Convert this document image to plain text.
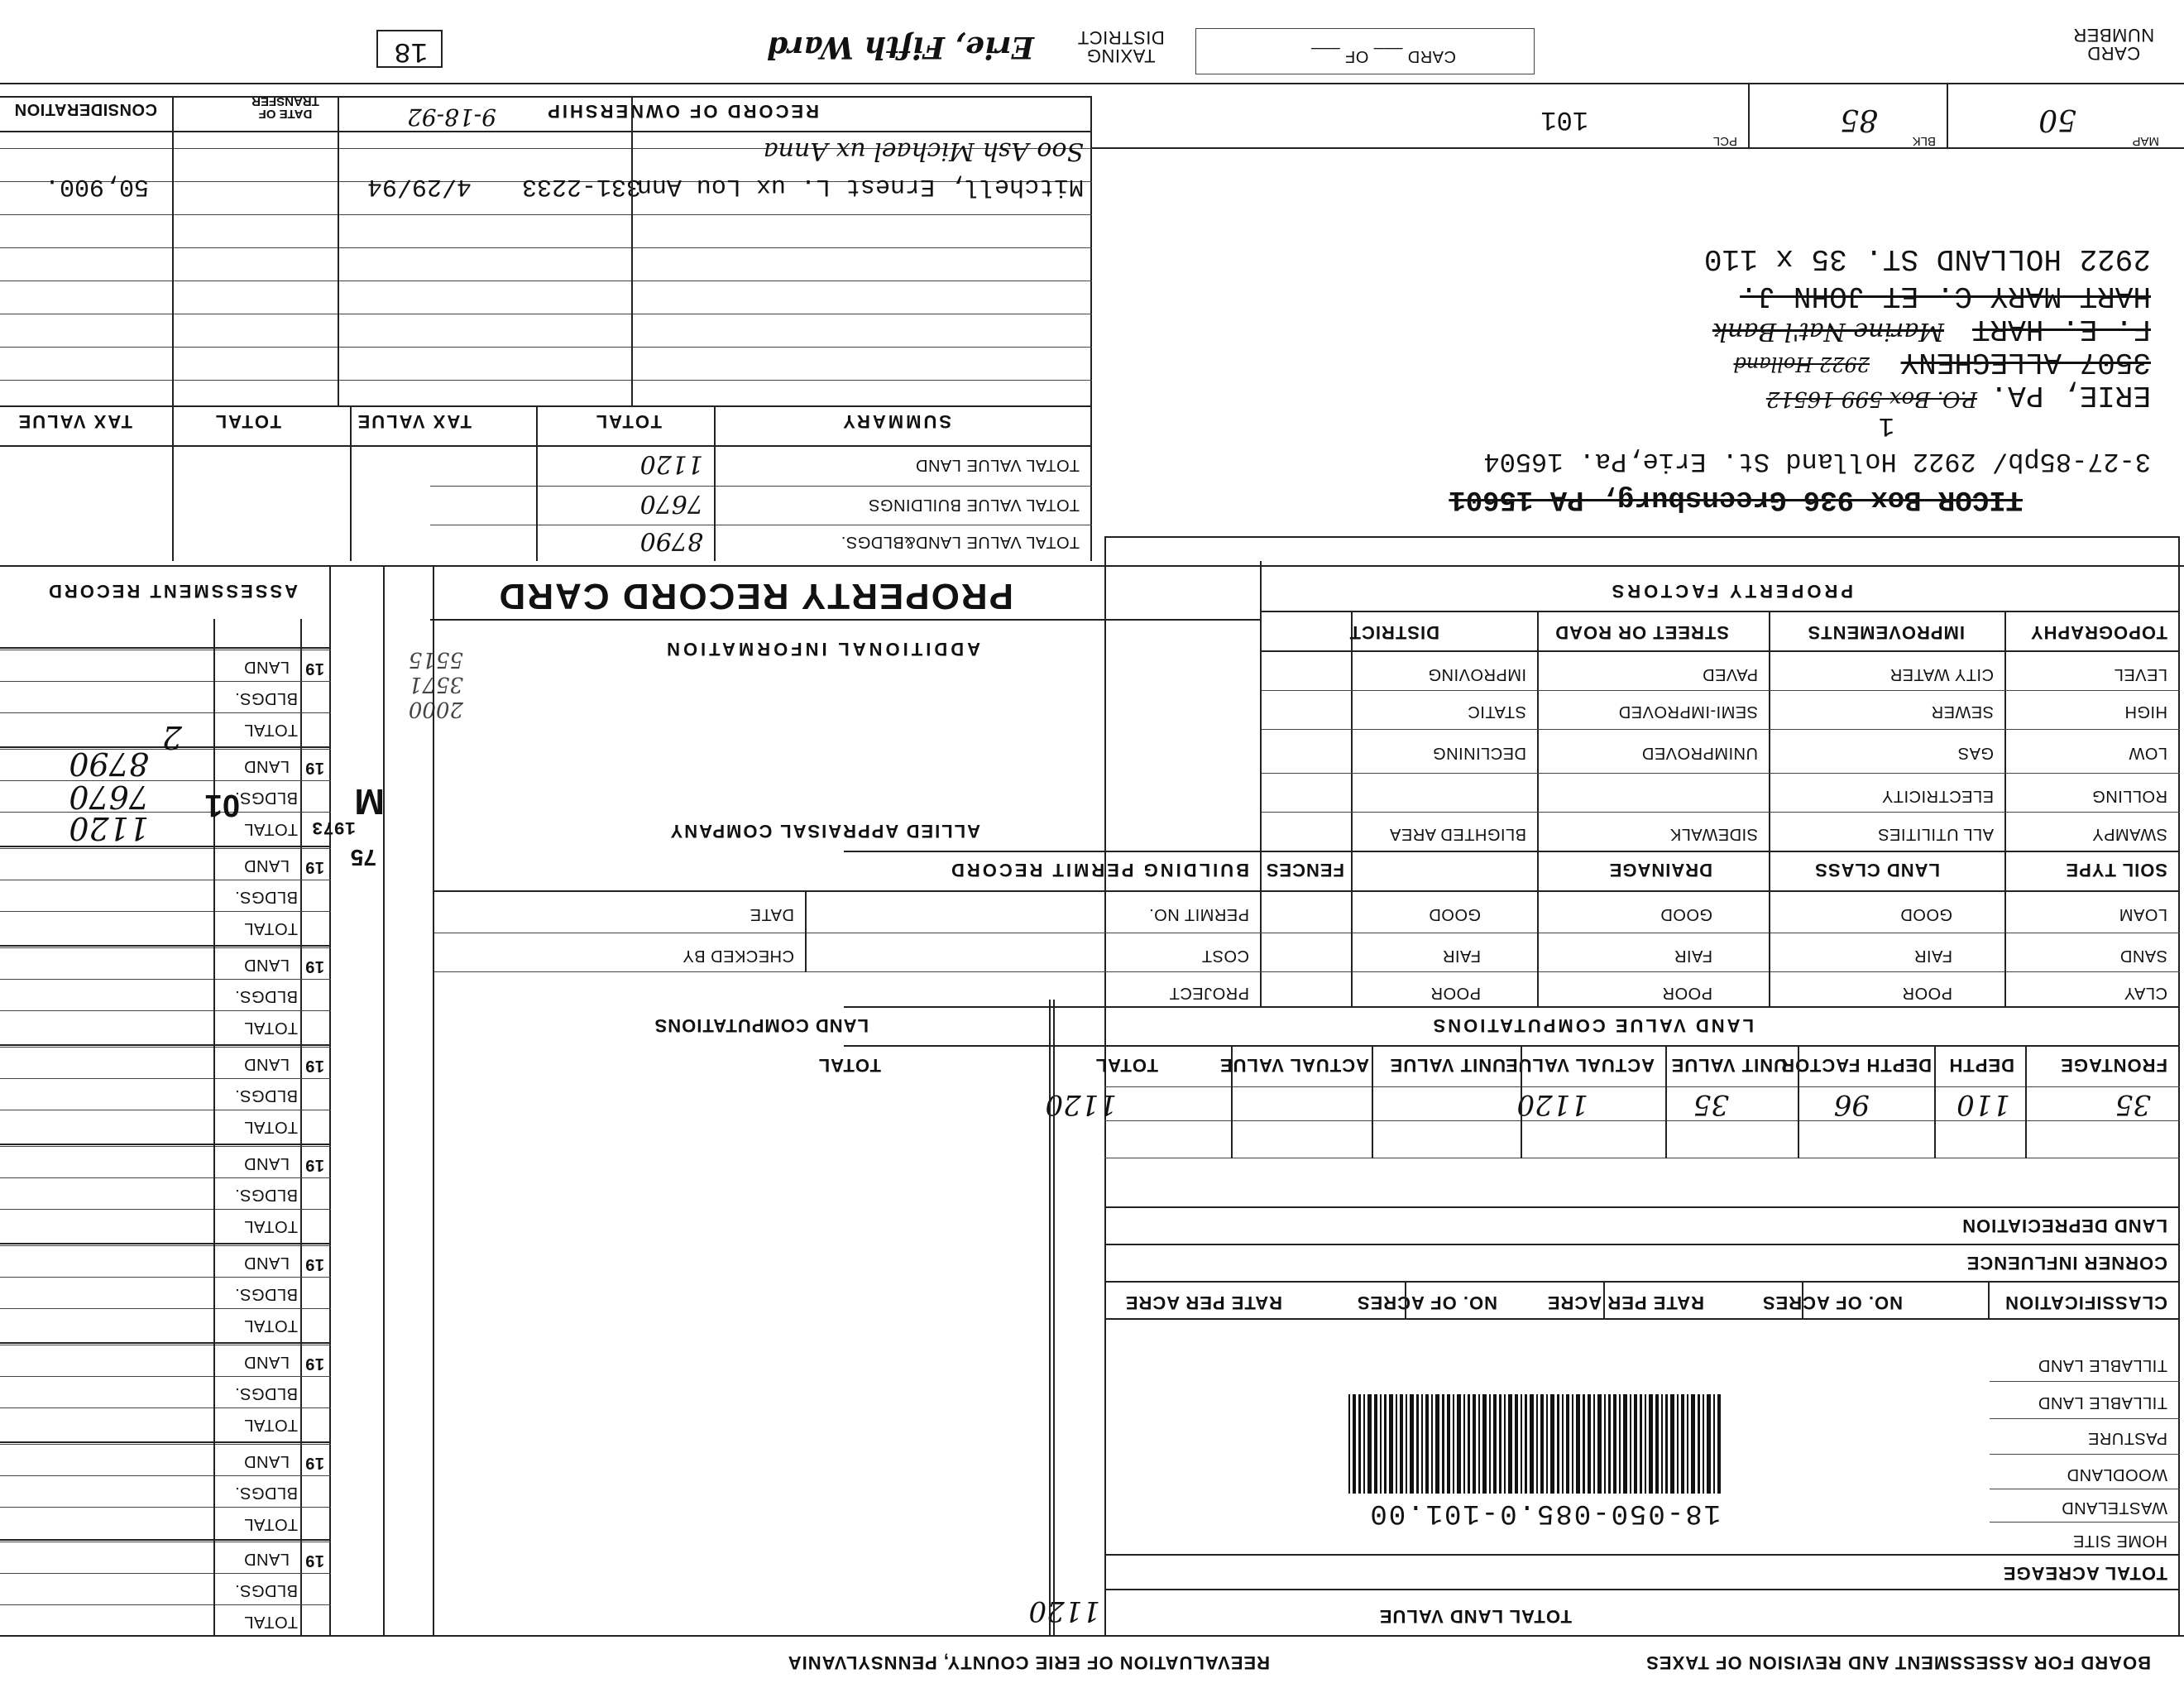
REEVALUATION OF ERIE COUNTY, PENNSYLVANIA	BOARD FOR ASSESSMENT AND REVISION OF TAXES
TOTAL LAND VALUE
1120
TOTAL ACREAGE
HOME SITE
WASTELAND
WOODLAND
PASTURE
TILLABLE LAND
TILLABLE LAND
18-050-085.0-101.00
CLASSIFICATION
NO. OF ACRES
RATE PER ACRE
NO. OF ACRES
RATE PER ACRE
CORNER INFLUENCE
LAND DEPRECIATION
35
110
96
35
1120
1120
FRONTAGE
DEPTH
DEPTH FACTOR
UNIT VALUE
ACTUAL VALUE
UNIT VALUE
ACTUAL VALUE
TOTAL
TOTAL
LAND VALUE COMPUTATIONS
LAND COMPUTATIONS
SOIL TYPE
LAND CLASS
DRAINAGE
FENCES
LOAM
SAND
CLAY
GOOD
FAIR
POOR
GOOD
FAIR
POOR
GOOD
FAIR
POOR
SWAMPY
ROLLING
LOW
HIGH
LEVEL
ALL UTILITIES
ELECTRICITY
GAS
SEWER
CITY WATER
SIDEWALK
UNIMPROVED
SEMI-IMPROVED
PAVED
BLIGHTED AREA
DECLINING
STATIC
IMPROVING
TOPOGRAPHY
IMPROVEMENTS
STREET OR ROAD
DISTRICT
PROPERTY FACTORS
BUILDING PERMIT RECORD
PERMIT NO.
COST
PROJECT
DATE
CHECKED BY
ALLIED APPRAISAL COMPANY
ADDITIONAL INFORMATION
3571
2000
5515
PROPERTY RECORD CARD
LAND
BLDGS.
TOTAL
19
LAND
BLDGS.
TOTAL
19
LAND
BLDGS.
TOTAL
19
LAND
BLDGS.
TOTAL
19
LAND
BLDGS.
TOTAL
19
LAND
BLDGS.
TOTAL
19
LAND
BLDGS.
TOTAL
19
LAND
BLDGS.
TOTAL
19
LAND
BLDGS.
TOTAL
19
LAND
BLDGS.
TOTAL
19
ASSESSMENT RECORD
1120
7670
8790
1973
75
M
01
2
TICOR Box 936 Greensburg, PA 15601
3-27-85pb/ 2922 Holland St. Erie,Pa. 16504
1
ERIE, PA.
P.O. Box 599 16512
3507 ALLEGHENY
2922 Holland
F. E. HART
Marine Nat'l Bank
HART MARY C. ET JOHN J.
2922 HOLLAND ST. 35 x 110
TOTAL VALUE LAND&BLDGS.
TOTAL VALUE BUILDINGS
TOTAL VALUE LAND
8790
7670
1120
SUMMARY
TOTAL
TAX VALUE
TOTAL
TAX VALUE
Mitchell, Ernest L. ux Lou Ann
331-2233
4/29/94
50,900.
Soo Ash Michael ux Anna
9-18-92	RECORD OF OWNERSHIP
DATE OF TRANSFER
CONSIDERATION
MAP
50
BLK
85
PCL
101
CARD NUMBER
CARD ___ OF ___
TAXING DISTRICT
Erie, Fifth Ward
18
